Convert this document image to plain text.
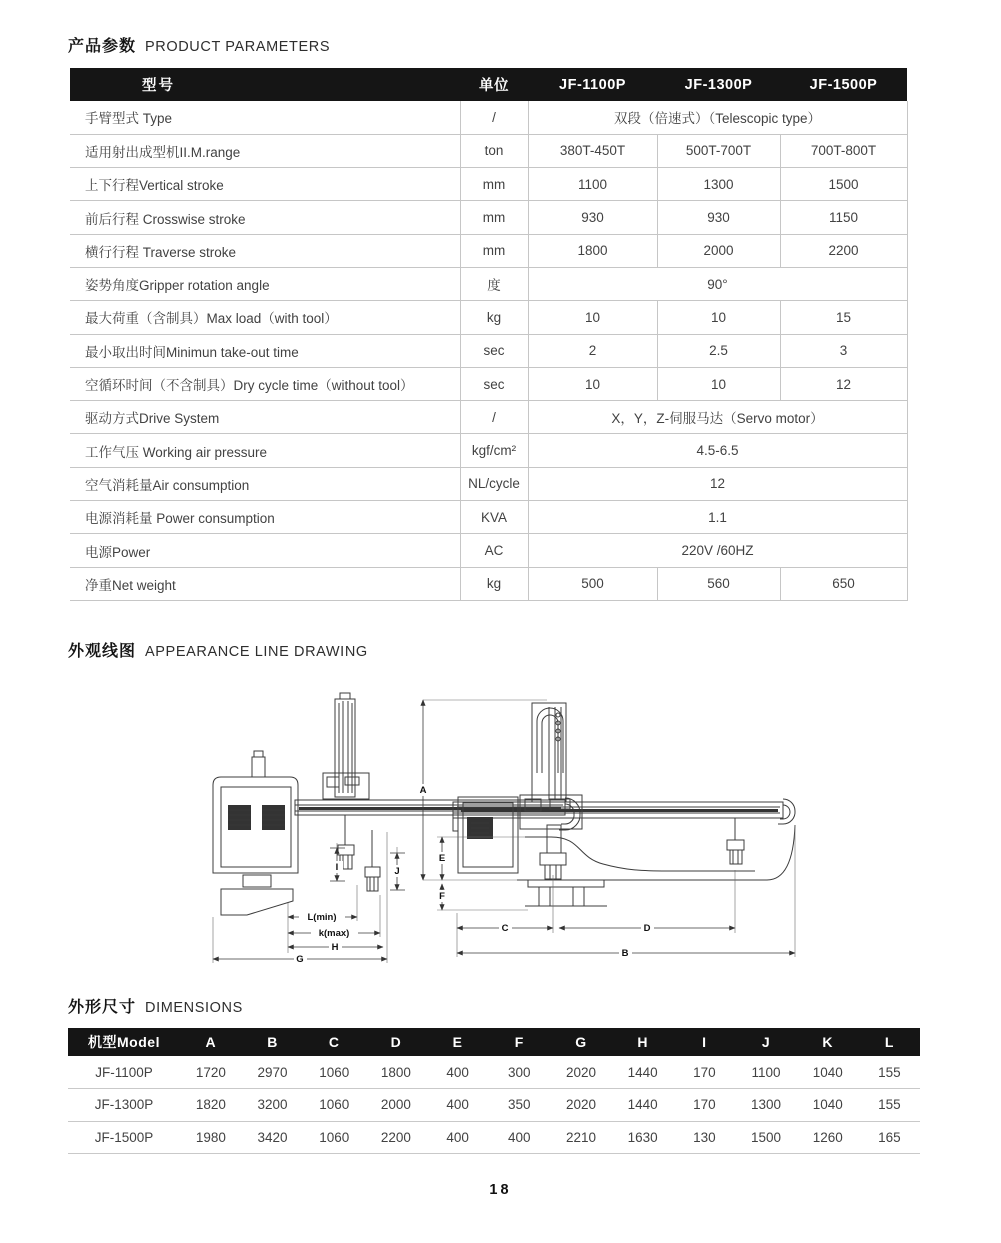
产品参数 PRODUCT PARAMETERS
型号	单位	JF-1100P	JF-1300P	JF-1500P
手臂型式 Type	/	双段（倍速式）（Telescopic type）		
适用射出成型机II.M.range	ton	380T-450T	500T-700T	700T-800T
上下行程Vertical stroke	mm	1100	1300	1500
前后行程 Crosswise stroke	mm	930	930	1150
横行行程 Traverse stroke	mm	1800	2000	2200
姿势角度Gripper rotation angle	度	90°		
最大荷重（含制具）Max load（with tool）	kg	10	10	15
最小取出时间Minimun take-out time	sec	2	2.5	3
空循环时间（不含制具）Dry cycle time（without tool）	sec	10	10	12
驱动方式Drive System	/	X，Y，Z-伺服马达（Servo motor）		
工作气压 Working air pressure	kgf/cm²	4.5-6.5		
空气消耗量Air consumption	NL/cycle	12		
电源消耗量 Power consumption	KVA	1.1		
电源Power	AC	220V /60HZ		
净重Net weight	kg	500	560	650
外观线图 APPEARANCE LINE DRAWING
I	J
L(min)
k(max)
H
G
A
E
F
C	D
B
外形尺寸 DIMENSIONS
机型Model	A	B	C	D	E	F	G	H	I	J	K	L
JF-1100P	1720	2970	1060	1800	400	300	2020	1440	170	1100	1040	155
JF-1300P	1820	3200	1060	2000	400	350	2020	1440	170	1300	1040	155
JF-1500P	1980	3420	1060	2200	400	400	2210	1630	130	1500	1260	165
18
